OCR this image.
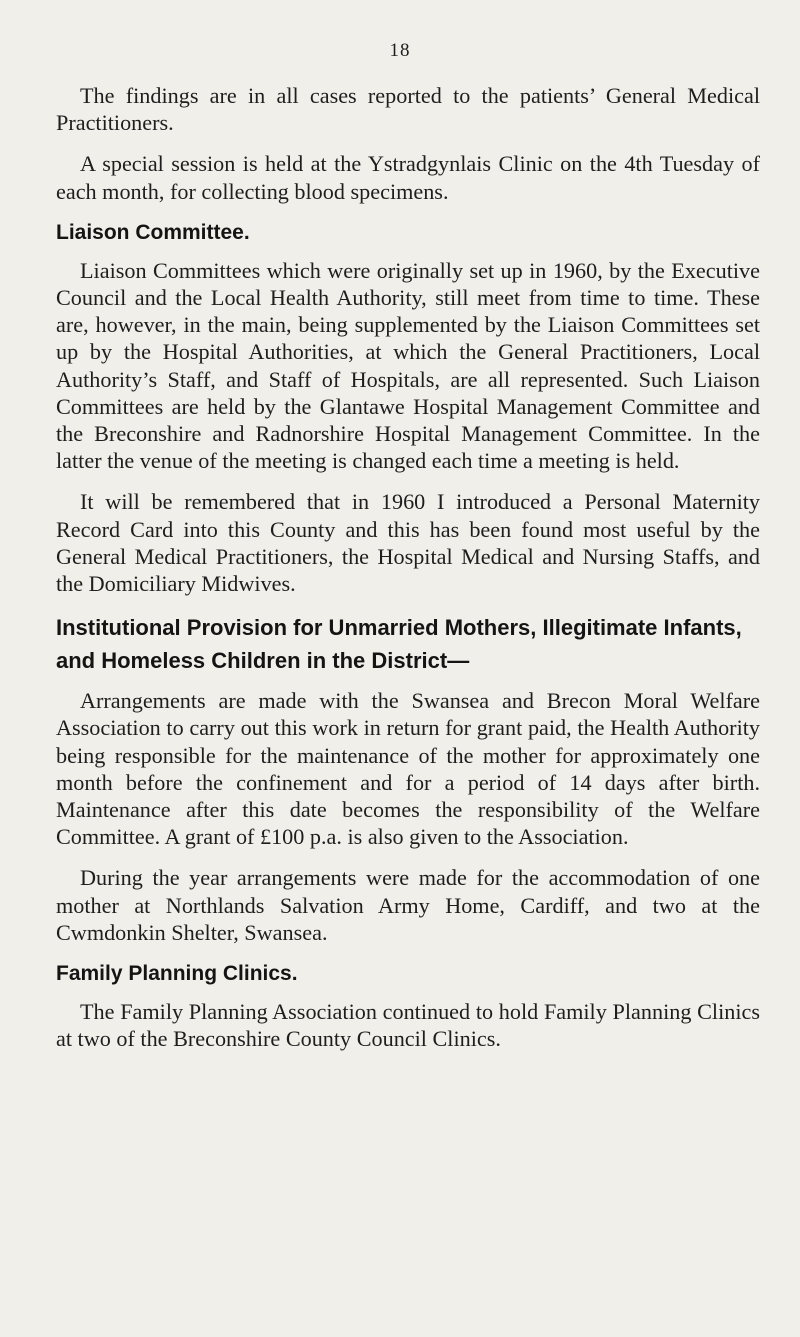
18

The findings are in all cases reported to the patients’ General Medical Practitioners.

A special session is held at the Ystradgynlais Clinic on the 4th Tuesday of each month, for collecting blood specimens.

Liaison Committee.

Liaison Committees which were originally set up in 1960, by the Executive Council and the Local Health Authority, still meet from time to time. These are, however, in the main, being supplemented by the Liaison Committees set up by the Hospital Authorities, at which the General Practitioners, Local Authority’s Staff, and Staff of Hospitals, are all represented. Such Liaison Committees are held by the Glantawe Hospital Management Committee and the Breconshire and Radnorshire Hospital Management Committee. In the latter the venue of the meeting is changed each time a meeting is held.

It will be remembered that in 1960 I introduced a Personal Maternity Record Card into this County and this has been found most useful by the General Medical Practitioners, the Hospital Medical and Nursing Staffs, and the Domiciliary Midwives.

Institutional Provision for Unmarried Mothers, Illegitimate Infants, and Homeless Children in the District—

Arrangements are made with the Swansea and Brecon Moral Welfare Association to carry out this work in return for grant paid, the Health Authority being responsible for the maintenance of the mother for approximately one month before the confinement and for a period of 14 days after birth. Maintenance after this date becomes the responsibility of the Welfare Committee. A grant of £100 p.a. is also given to the Association.

During the year arrangements were made for the accommodation of one mother at Northlands Salvation Army Home, Cardiff, and two at the Cwmdonkin Shelter, Swansea.

Family Planning Clinics.

The Family Planning Association continued to hold Family Planning Clinics at two of the Breconshire County Council Clinics.
